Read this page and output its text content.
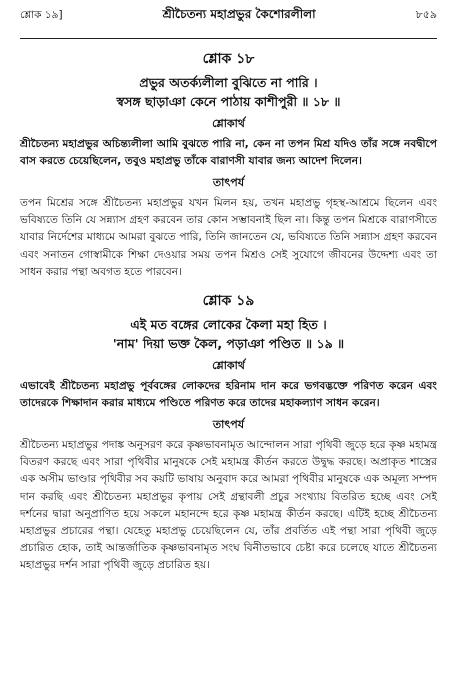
শ্লোক ১৯]	শ্রীচৈতন্য মহাপ্রভুর কৈশোরলীলা	৮৫৯
শ্লোক ১৮
প্রভুর অতর্ক্যলীলা বুঝিতে না পারি ।
স্বসঙ্গ ছাড়াঞা কেনে পাঠায় কাশীপুরী ॥ ১৮ ॥
শ্লোকার্থ
শ্রীচৈতন্য মহাপ্রভুর অচিন্ত্যলীলা আমি বুঝতে পারি না, কেন না তপন মিশ্র যদিও তাঁর সঙ্গে নবদ্বীপে বাস করতে চেয়েছিলেন, তবুও মহাপ্রভু তাঁকে বারাণসী যাবার জন্য আদেশ দিলেন।
তাৎপর্য
তপন মিশ্রের সঙ্গে শ্রীচৈতন্য মহাপ্রভুর যখন মিলন হয়, তখন মহাপ্রভু গৃহস্থ-আশ্রমে ছিলেন এবং ভবিষ্যতে তিনি যে সন্ন্যাস গ্রহণ করবেন তার কোন সম্ভাবনাই ছিল না। কিন্তু তপন মিশ্রকে বারাণসীতে যাবার নির্দেশের মাধ্যমে আমরা বুঝতে পারি, তিনি জানতেন যে, ভবিষ্যতে তিনি সন্ন্যাস গ্রহণ করবেন এবং সনাতন গোস্বামীকে শিক্ষা দেওয়ার সময় তপন মিশ্রও সেই সুযোগে জীবনের উদ্দেশ্য এবং তা সাধন করার পন্থা অবগত হতে পারবেন।
শ্লোক ১৯
এই মত বঙ্গের লোকের কৈলা মহা হিত ।
'নাম' দিয়া ভক্ত কৈল, পড়াঞা পণ্ডিত ॥ ১৯ ॥
শ্লোকার্থ
এভাবেই শ্রীচৈতন্য মহাপ্রভু পূর্ববঙ্গের লোকদের হরিনাম দান করে ভগবদ্ভক্তে পরিণত করেন এবং তাদেরকে শিক্ষাদান করার মাধ্যমে পণ্ডিতে পরিণত করে তাদের মহাকল্যাণ সাধন করেন।
তাৎপর্য
শ্রীচৈতন্য মহাপ্রভুর পদাঙ্ক অনুসরণ করে কৃষ্ণভাবনামৃত আন্দোলন সারা পৃথিবী জুড়ে হরে কৃষ্ণ মহামন্ত্র বিতরণ করছে এবং সারা পৃথিবীর মানুষকে সেই মহামন্ত্র কীর্তন করতে উদ্বুদ্ধ করছে। অপ্রাকৃত শাস্ত্রের এক অসীম ভাণ্ডার পৃথিবীর সব কয়টি ভাষায় অনুবাদ করে আমরা পৃথিবীর মানুষকে এক অমূল্য সম্পদ দান করছি এবং শ্রীচৈতন্য মহাপ্রভুর কৃপায় সেই গ্রন্থাবলী প্রচুর সংখ্যায় বিতরিত হচ্ছে এবং সেই দর্শনের দ্বারা অনুপ্রাণিত হয়ে সকলে মহানন্দে হরে কৃষ্ণ মহামন্ত্র কীর্তন করছে। এটিই হচ্ছে শ্রীচৈতন্য মহাপ্রভুর প্রচারের পন্থা। যেহেতু মহাপ্রভু চেয়েছিলেন যে, তাঁর প্রবর্তিত এই পন্থা সারা পৃথিবী জুড়ে প্রচারিত হোক, তাই আন্তর্জাতিক কৃষ্ণভাবনামৃত সংঘ বিনীতভাবে চেষ্টা করে চলেছে যাতে শ্রীচৈতন্য মহাপ্রভুর দর্শন সারা পৃথিবী জুড়ে প্রচারিত হয়।
